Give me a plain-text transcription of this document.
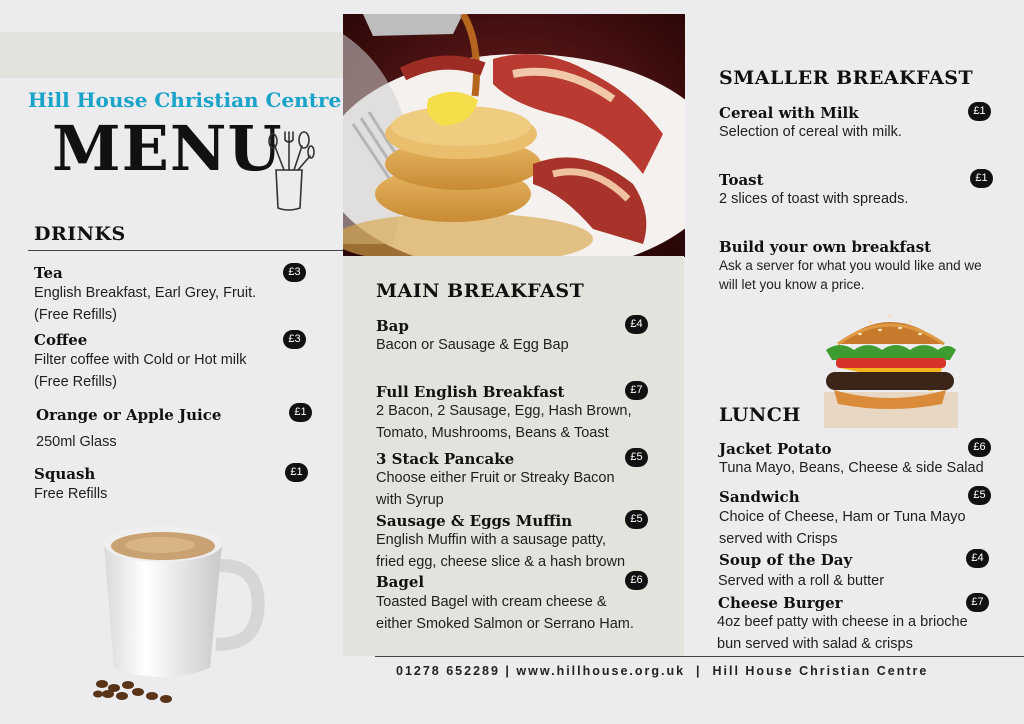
Hill House Christian Centre
MENU
DRINKS
Tea	£3
English Breakfast, Earl Grey, Fruit. (Free Refills)
Coffee	£3
Filter coffee with Cold or Hot milk (Free Refills)
Orange or Apple Juice	£1
250ml Glass
Squash	£1
Free Refills
MAIN BREAKFAST
Bap	£4
Bacon or Sausage & Egg Bap
Full English Breakfast	£7
2 Bacon, 2 Sausage, Egg, Hash Brown, Tomato, Mushrooms, Beans & Toast
3 Stack Pancake	£5
Choose either Fruit or Streaky Bacon with Syrup
Sausage & Eggs Muffin	£5
English Muffin with a sausage patty, fried egg, cheese slice & a hash brown
Bagel	£6
Toasted Bagel with cream cheese & either Smoked Salmon or Serrano Ham.
SMALLER BREAKFAST
Cereal with Milk	£1
Selection of cereal with milk.
Toast	£1
2 slices of toast with spreads.
Build your own breakfast
Ask a server for what you would like and we will let you know a price.
LUNCH
Jacket Potato	£6
Tuna Mayo, Beans, Cheese & side Salad
Sandwich	£5
Choice of Cheese, Ham or Tuna Mayo served with Crisps
Soup of the Day	£4
Served with a roll & butter
Cheese Burger	£7
4oz beef patty with cheese in a brioche bun served with salad & crisps
01278 652289 | www.hillhouse.org.uk  |  Hill House Christian Centre
